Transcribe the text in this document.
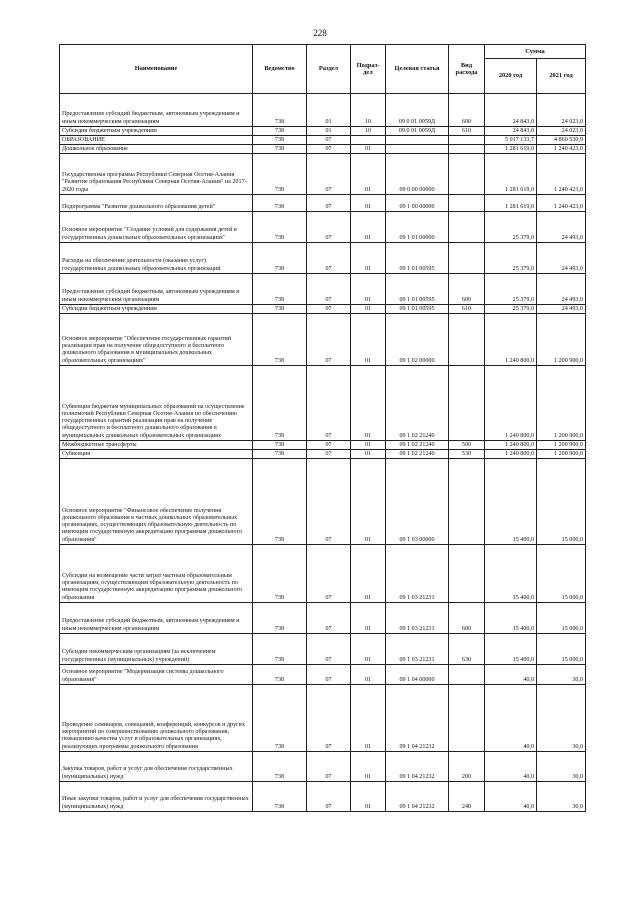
228
Наименование	Ведомство	Раздел	Подраз-дел	Целевая статья	Вид расхода	Сумма	
						2020 год	2021 год
Предоставление субсидий бюджетным, автономным учреждениям и иным некоммерческим организациям	738	01	10	09 0 01 0059Д	600	24 843,0	24 023,0
Субсидии бюджетным учреждениям	738	01	10	09 0 01 0059Д	610	24 843,0	24 023,0
ОБРАЗОВАНИЕ	738	07				5 017 133,7	4 860 530,9
Дошкольное образование	738	07	01			1 281 619,0	1 240 423,0
Государственная программа Республики Северная Осетия-Алания "Развитие образования Республики Северная Осетия-Алания" на 2017-2020 годы	738	07	01	09 0 00 00000		1 281 619,0	1 240 423,0
Подпрограмма "Развитие дошкольного образования детей"	738	07	01	09 1 00 00000		1 281 619,0	1 240 423,0
Основное мероприятие "Создание условий для содержания детей в государственных дошкольных образовательных организациях"	738	07	01	09 1 01 00000		25 379,0	24 493,0
Расходы на обеспечение деятельности (оказание услуг) государственных дошкольных образовательных организаций	738	07	01	09 1 01 00595		25 379,0	24 493,0
Предоставление субсидий бюджетным, автономным учреждениям и иным некоммерческим организациям	738	07	01	09 1 01 00595	600	25 379,0	24 493,0
Субсидии бюджетным учреждениям	738	07	01	09 1 01 00595	610	25 379,0	24 493,0
Основное мероприятие "Обеспечение государственных гарантий реализации прав на получение общедоступного и бесплатного дошкольного образования в муниципальных дошкольных образовательных организациях"	738	07	01	09 1 02 00000		1 240 800,0	1 200 900,0
Субвенция бюджетам муниципальных образований на осуществление полномочий Республики Северная Осетия-Алания по обеспечению государственных гарантий реализации прав на получение общедоступного и бесплатного дошкольного образования в муниципальных дошкольных образовательных организациях	738	07	01	09 1 02 21240		1 240 800,0	1 200 900,0
Межбюджетные трансферты	738	07	01	09 1 02 21240	500	1 240 800,0	1 200 900,0
Субвенции	738	07	01	09 1 02 21240	530	1 240 800,0	1 200 900,0
Основное мероприятие "Финансовое обеспечение получения дошкольного образования в частных дошкольных образовательных организациях, осуществляющих образовательную деятельность по имеющим государственную аккредитацию программам дошкольного образования"	738	07	01	09 1 03 00000		15 400,0	15 000,0
Субсидии на возмещение части затрат частным образовательным организациям, осуществляющим образовательную деятельность по имеющим государственную аккредитацию программам дошкольного образования	738	07	01	09 1 03 21231		15 400,0	15 000,0
Предоставление субсидий бюджетным, автономным учреждениям и иным некоммерческим организациям	738	07	01	09 1 03 21231	600	15 400,0	15 000,0
Субсидии некоммерческим организациям (за исключением государственных (муниципальных) учреждений)	738	07	01	09 1 03 21231	630	15 400,0	15 000,0
Основное мероприятие "Модернизация системы дошкольного образования"	738	07	01	09 1 04 00000		40,0	30,0
Проведение семинаров, совещаний, конференций, конкурсов и других мероприятий по совершенствованию дошкольного образования, повышению качества услуг в образовательных организациях, реализующих программы дошкольного образования	738	07	01	09 1 04 21232		40,0	30,0
Закупка товаров, работ и услуг для обеспечения государственных (муниципальных) нужд	738	07	01	09 1 04 21232	200	40,0	30,0
Иные закупки товаров, работ и услуг для обеспечения государственных (муниципальных) нужд	738	07	01	09 1 04 21232	240	40,0	30,0
